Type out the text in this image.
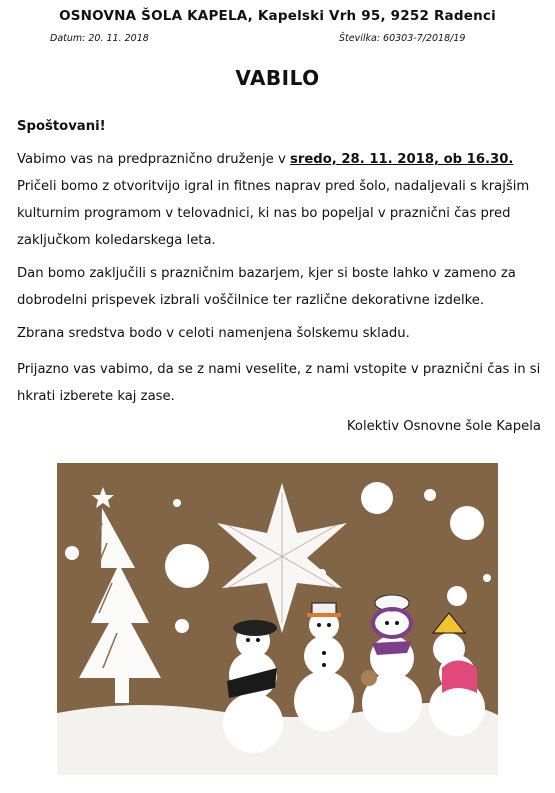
OSNOVNA ŠOLA KAPELA, Kapelski Vrh 95, 9252 Radenci
Datum: 20. 11. 2018	Številka: 60303-7/2018/19
VABILO
Spoštovani!
Vabimo vas na predpraznično druženje v sredo, 28. 11. 2018, ob 16.30. Pričeli bomo z otvoritvijo igral in fitnes naprav pred šolo, nadaljevali s krajšim kulturnim programom v telovadnici, ki nas bo popeljal v praznični čas pred zaključkom koledarskega leta.
Dan bomo zaključili s prazničnim bazarjem, kjer si boste lahko v zameno za dobrodelni prispevek izbrali voščilnice ter različne dekorativne izdelke.
Zbrana sredstva bodo v celoti namenjena šolskemu skladu.
Prijazno vas vabimo, da se z nami veselite, z nami vstopite v praznični čas in si hkrati izberete kaj zase.
Kolektiv Osnovne šole Kapela
